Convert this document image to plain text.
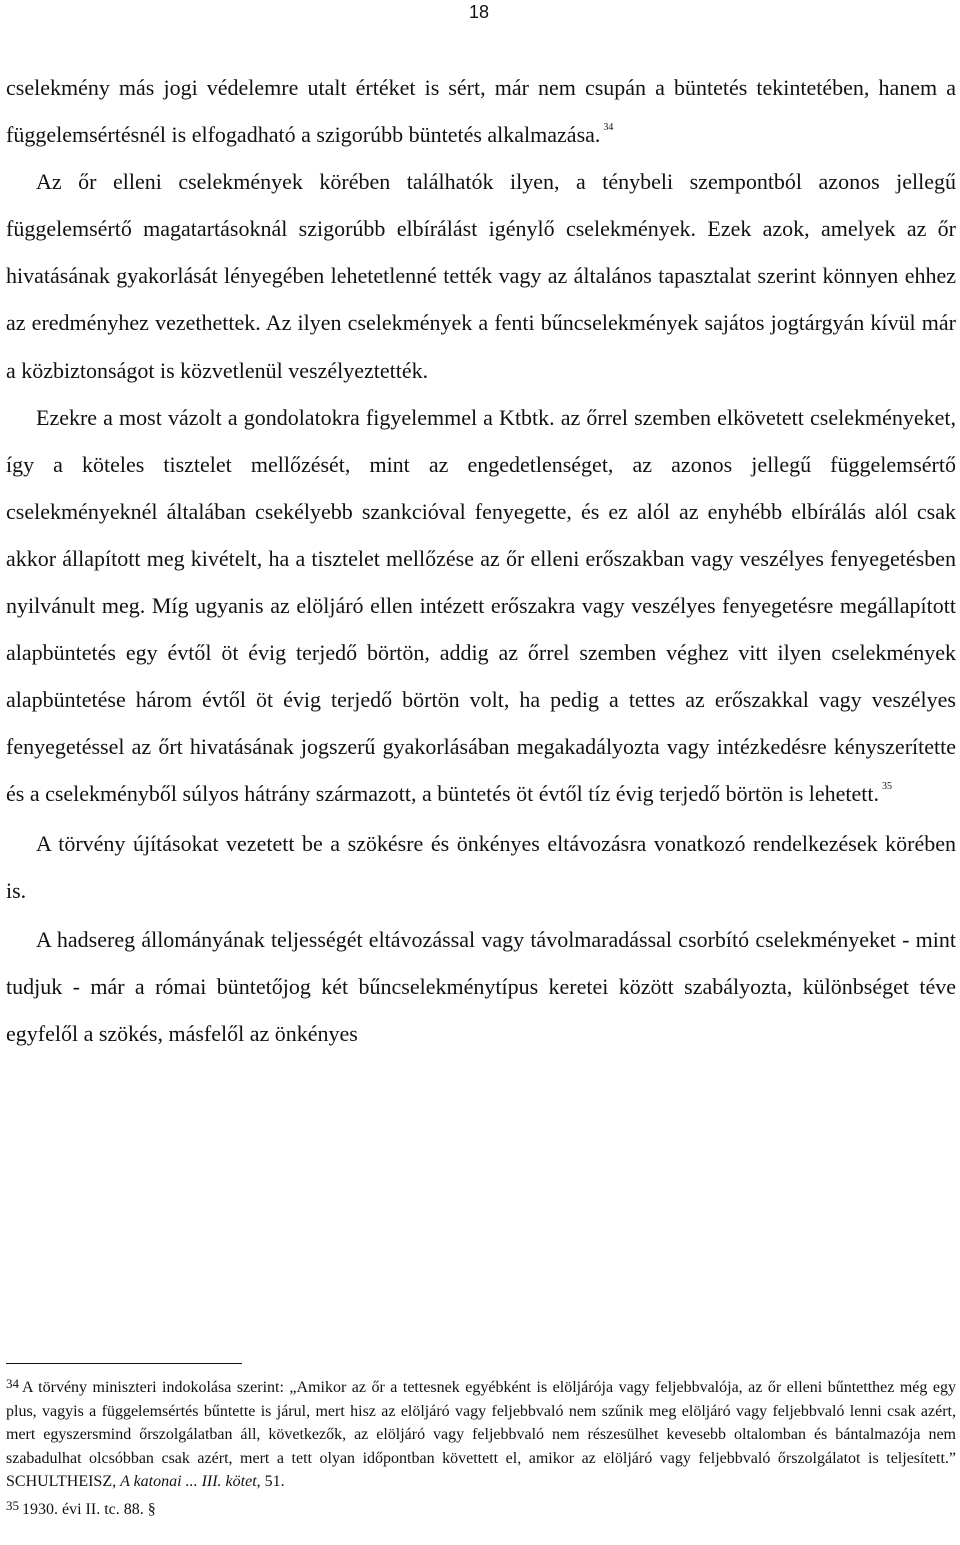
18

cselekmény más jogi védelemre utalt értéket is sért, már nem csupán a büntetés tekintetében, hanem a függelemsértésnél is elfogadható a szigorúbb büntetés alkalmazása. $^{34}$

Az őr elleni cselekmények körében találhatók ilyen, a ténybeli szempontból azonos jellegű függelemsértő magatartásoknál szigorúbb elbírálást igénylő cselekmények. Ezek azok, amelyek az őr hivatásának gyakorlását lényegében lehetetlenné tették vagy az általános tapasztalat szerint könnyen ehhez az eredményhez vezethettek. Az ilyen cselekmények a fenti bűncselekmények sajátos jogtárgyán kívül már a közbiztonságot is közvetlenül veszélyeztették.

Ezekre a most vázolt a gondolatokra figyelemmel a Ktbtk. az őrrel szemben elkövetett cselekményeket, így a köteles tisztelet mellőzését, mint az engedetlenséget, az azonos jellegű függelemsértő cselekményeknél általában csekélyebb szankcióval fenyegette, és ez alól az enyhébb elbírálás alól csak akkor állapított meg kivételt, ha a tisztelet mellőzése az őr elleni erőszakban vagy veszélyes fenyegetésben nyilvánult meg. Míg ugyanis az elöljáró ellen intézett erőszakra vagy veszélyes fenyegetésre megállapított alapbüntetés egy évtől öt évig terjedő börtön, addig az őrrel szemben véghez vitt ilyen cselekmények alapbüntetése három évtől öt évig terjedő börtön volt, ha pedig a tettes az erőszakkal vagy veszélyes fenyegetéssel az őrt hivatásának jogszerű gyakorlásában megakadályozta vagy intézkedésre kényszerítette és a cselekményből súlyos hátrány származott, a büntetés öt évtől tíz évig terjedő börtön is lehetett. $^{35}$

A törvény újításokat vezetett be a szökésre és önkényes eltávozásra vonatkozó rendelkezések körében is.

A hadsereg állományának teljességét eltávozással vagy távolmaradással csorbító cselekményeket - mint tudjuk - már a római büntetőjog két bűncselekménytípus keretei között szabályozta, különbséget téve egyfelől a szökés, másfelől az önkényes

$^{34}$ A törvény miniszteri indokolása szerint: „Amikor az őr a tettesnek egyébként is elöljárója vagy feljebbvalója, az őr elleni bűntetthez még egy plus, vagyis a függelemsértés bűntette is járul, mert hisz az elöljáró vagy feljebbvaló nem szűnik meg elöljáró vagy feljebbvaló lenni csak azért, mert egyszersmind őrszolgálatban áll, következők, az elöljáró vagy feljebbvaló nem részesülhet kevesebb oltalomban és bántalmazója nem szabadulhat olcsóbban csak azért, mert a tett olyan időpontban követtett el, amikor az elöljáró vagy feljebbvaló őrszolgálatot is teljesített.” SCHULTHEISZ, A katonai ... III. kötet, 51.

$^{35}$ 1930. évi II. tc. 88. §
